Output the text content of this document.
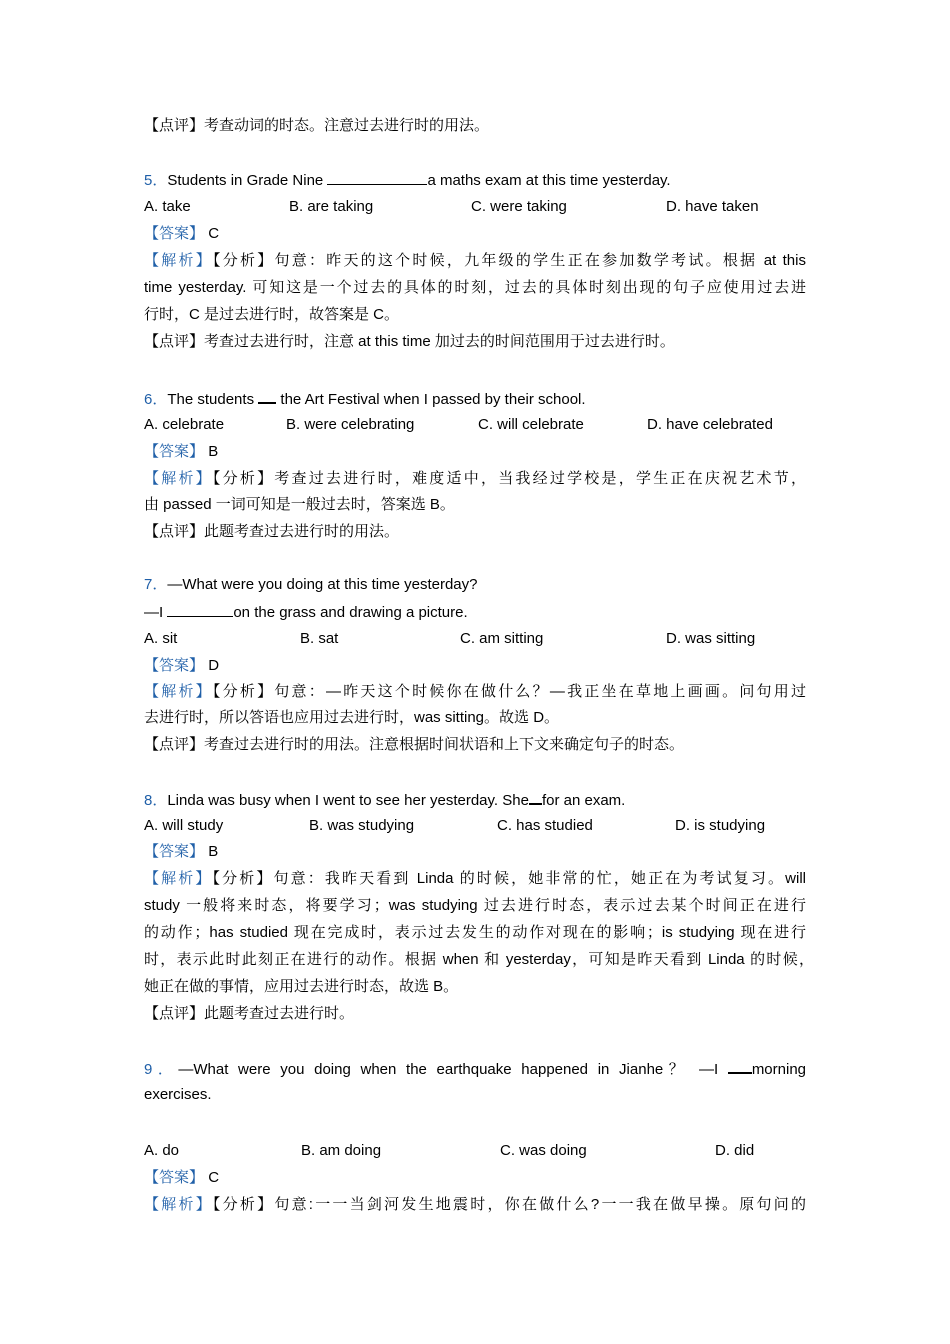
【点评】考查动词的时态。注意过去进行时的用法。
5．Students in Grade Nine	a maths exam at this time yesterday.
A. take	B. are taking	C. were taking	D. have taken
【答案】 C
【解析】【分析】句意：昨天的这个时候，九年级的学生正在参加数学考试。根据 at this
time yesterday. 可知这是一个过去的具体的时刻，过去的具体时刻出现的句子应使用过去进
行时，C 是过去进行时，故答案是 C。
【点评】考查过去进行时，注意 at this time 加过去的时间范围用于过去进行时。
6．The students  the Art Festival when I passed by their school.
A. celebrate	B. were celebrating	C. will celebrate	D. have celebrated
【答案】 B
【解析】【分析】考查过去进行时，难度适中，当我经过学校是，学生正在庆祝艺术节，
由 passed 一词可知是一般过去时，答案选 B。
【点评】此题考查过去进行时的用法。
7．—What were you doing at this time yesterday?
—I	on the grass and drawing a picture.
A. sit	B. sat	C. am sitting	D. was sitting
【答案】 D
【解析】【分析】句意：—昨天这个时候你在做什么？—我正坐在草地上画画。问句用过
去进行时，所以答语也应用过去进行时，was sitting。故选 D。
【点评】考查过去进行时的用法。注意根据时间状语和上下文来确定句子的时态。
8．Linda was busy when I went to see her yesterday. She for an exam.
A. will study	B. was studying	C. has studied	D. is studying
【答案】 B
【解析】【分析】句意：我昨天看到 Linda 的时候，她非常的忙，她正在为考试复习。will
study 一般将来时态，将要学习；was studying 过去进行时态，表示过去某个时间正在进行
的动作；has studied 现在完成时，表示过去发生的动作对现在的影响；is studying 现在进行
时，表示此时此刻正在进行的动作。根据 when 和 yesterday，可知是昨天看到 Linda 的时候，
她正在做的事情，应用过去进行时态，故选 B。
【点评】此题考查过去进行时。
9．—What were you doing when the earthquake happened in Jianhe？ —I morning
exercises.
A. do	B. am doing	C. was doing	D. did
【答案】 C
【解析】【分析】句意:一一当剑河发生地震时，你在做什么?一一我在做早操。原句问的
